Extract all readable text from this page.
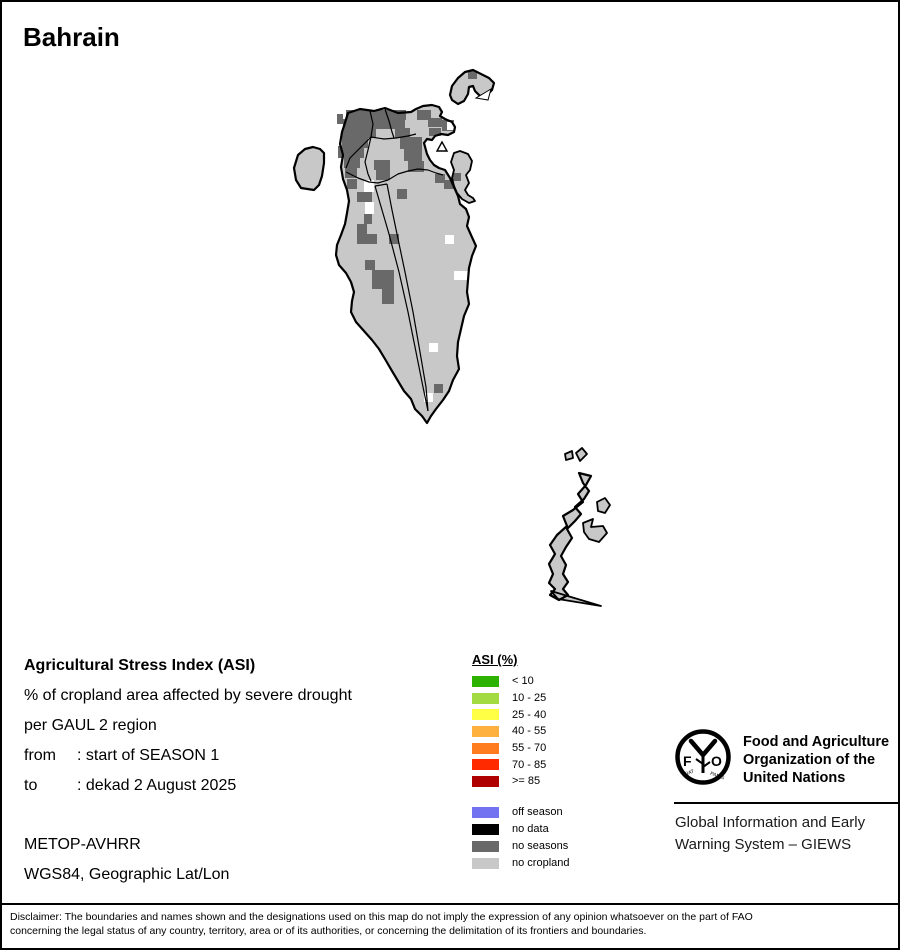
Bahrain
Agricultural Stress Index (ASI)
% of cropland area affected by severe drought
per GAUL 2 region
from : start of SEASON 1
to : dekad 2 August 2025
METOP-AVHRR
WGS84, Geographic Lat/Lon
ASI (%)
< 10
10 - 25
25 - 40
40 - 55
55 - 70
70 - 85
>= 85
off season
no data
no seasons
no cropland
F O
FIAT	PANIS
Food and Agriculture
Organization of the
United Nations
Global Information and Early
Warning System – GIEWS
Disclaimer: The boundaries and names shown and the designations used on this map do not imply the expression of any opinion whatsoever on the part of FAO
concerning the legal status of any country, territory, area or of its authorities, or concerning the delimitation of its frontiers and boundaries.
